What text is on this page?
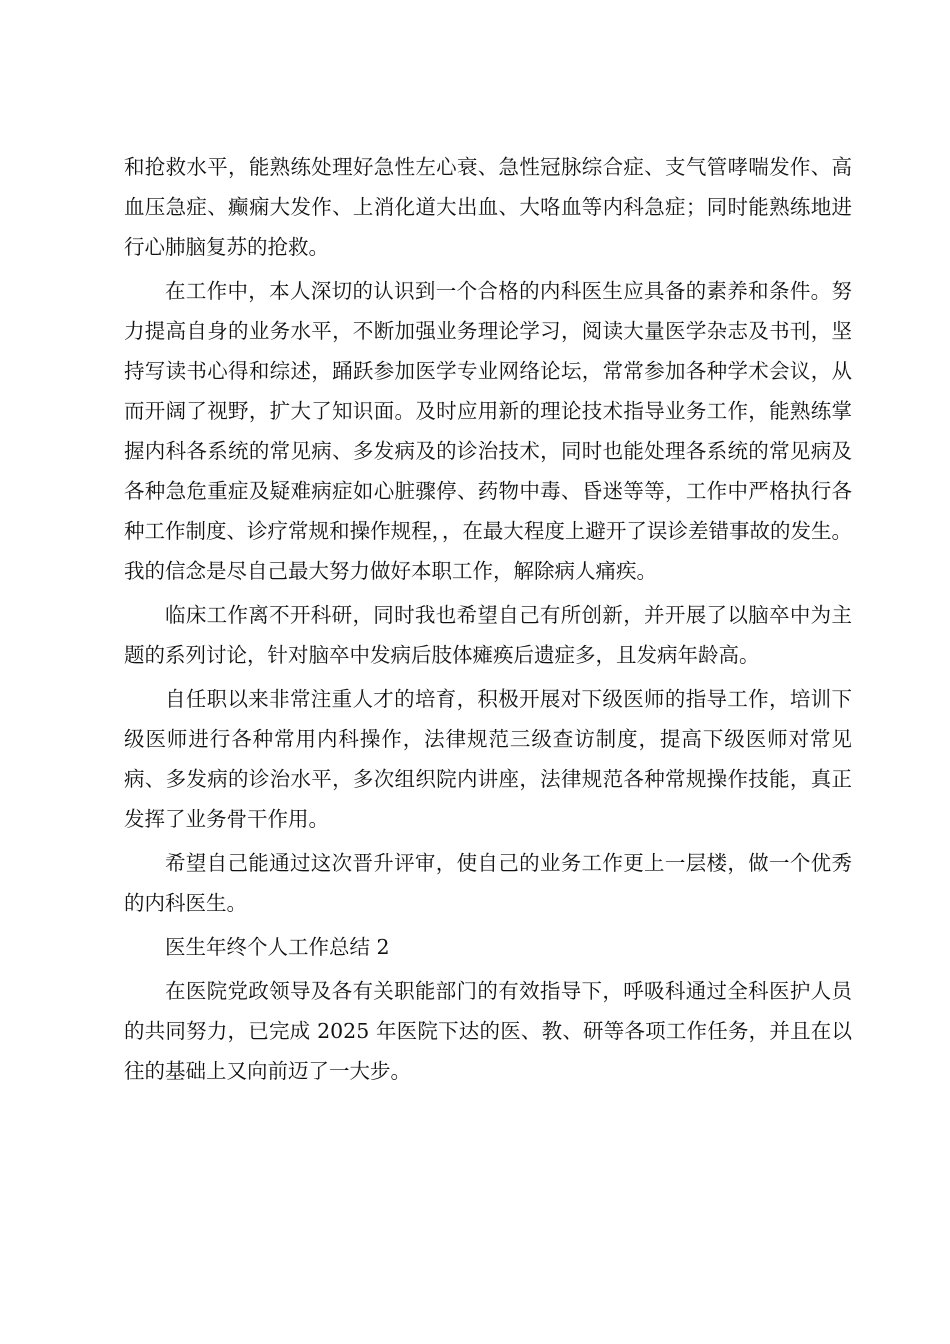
和抢救水平，能熟练处理好急性左心衰、急性冠脉综合症、支气管哮喘发作、高血压急症、癫痫大发作、上消化道大出血、大咯血等内科急症；同时能熟练地进行心肺脑复苏的抢救。

在工作中，本人深切的认识到一个合格的内科医生应具备的素养和条件。努力提高自身的业务水平，不断加强业务理论学习，阅读大量医学杂志及书刊，坚持写读书心得和综述，踊跃参加医学专业网络论坛，常常参加各种学术会议，从而开阔了视野，扩大了知识面。及时应用新的理论技术指导业务工作，能熟练掌握内科各系统的常见病、多发病及的诊治技术，同时也能处理各系统的常见病及各种急危重症及疑难病症如心脏骤停、药物中毒、昏迷等等，工作中严格执行各种工作制度、诊疗常规和操作规程，，在最大程度上避开了误诊差错事故的发生。我的信念是尽自己最大努力做好本职工作，解除病人痛疾。

临床工作离不开科研，同时我也希望自己有所创新，并开展了以脑卒中为主题的系列讨论，针对脑卒中发病后肢体瘫痪后遗症多，且发病年龄高。

自任职以来非常注重人才的培育，积极开展对下级医师的指导工作，培训下级医师进行各种常用内科操作，法律规范三级查访制度，提高下级医师对常见病、多发病的诊治水平，多次组织院内讲座，法律规范各种常规操作技能，真正发挥了业务骨干作用。

希望自己能通过这次晋升评审，使自己的业务工作更上一层楼，做一个优秀的内科医生。

医生年终个人工作总结 2

在医院党政领导及各有关职能部门的有效指导下，呼吸科通过全科医护人员的共同努力，已完成 2025 年医院下达的医、教、研等各项工作任务，并且在以往的基础上又向前迈了一大步。
